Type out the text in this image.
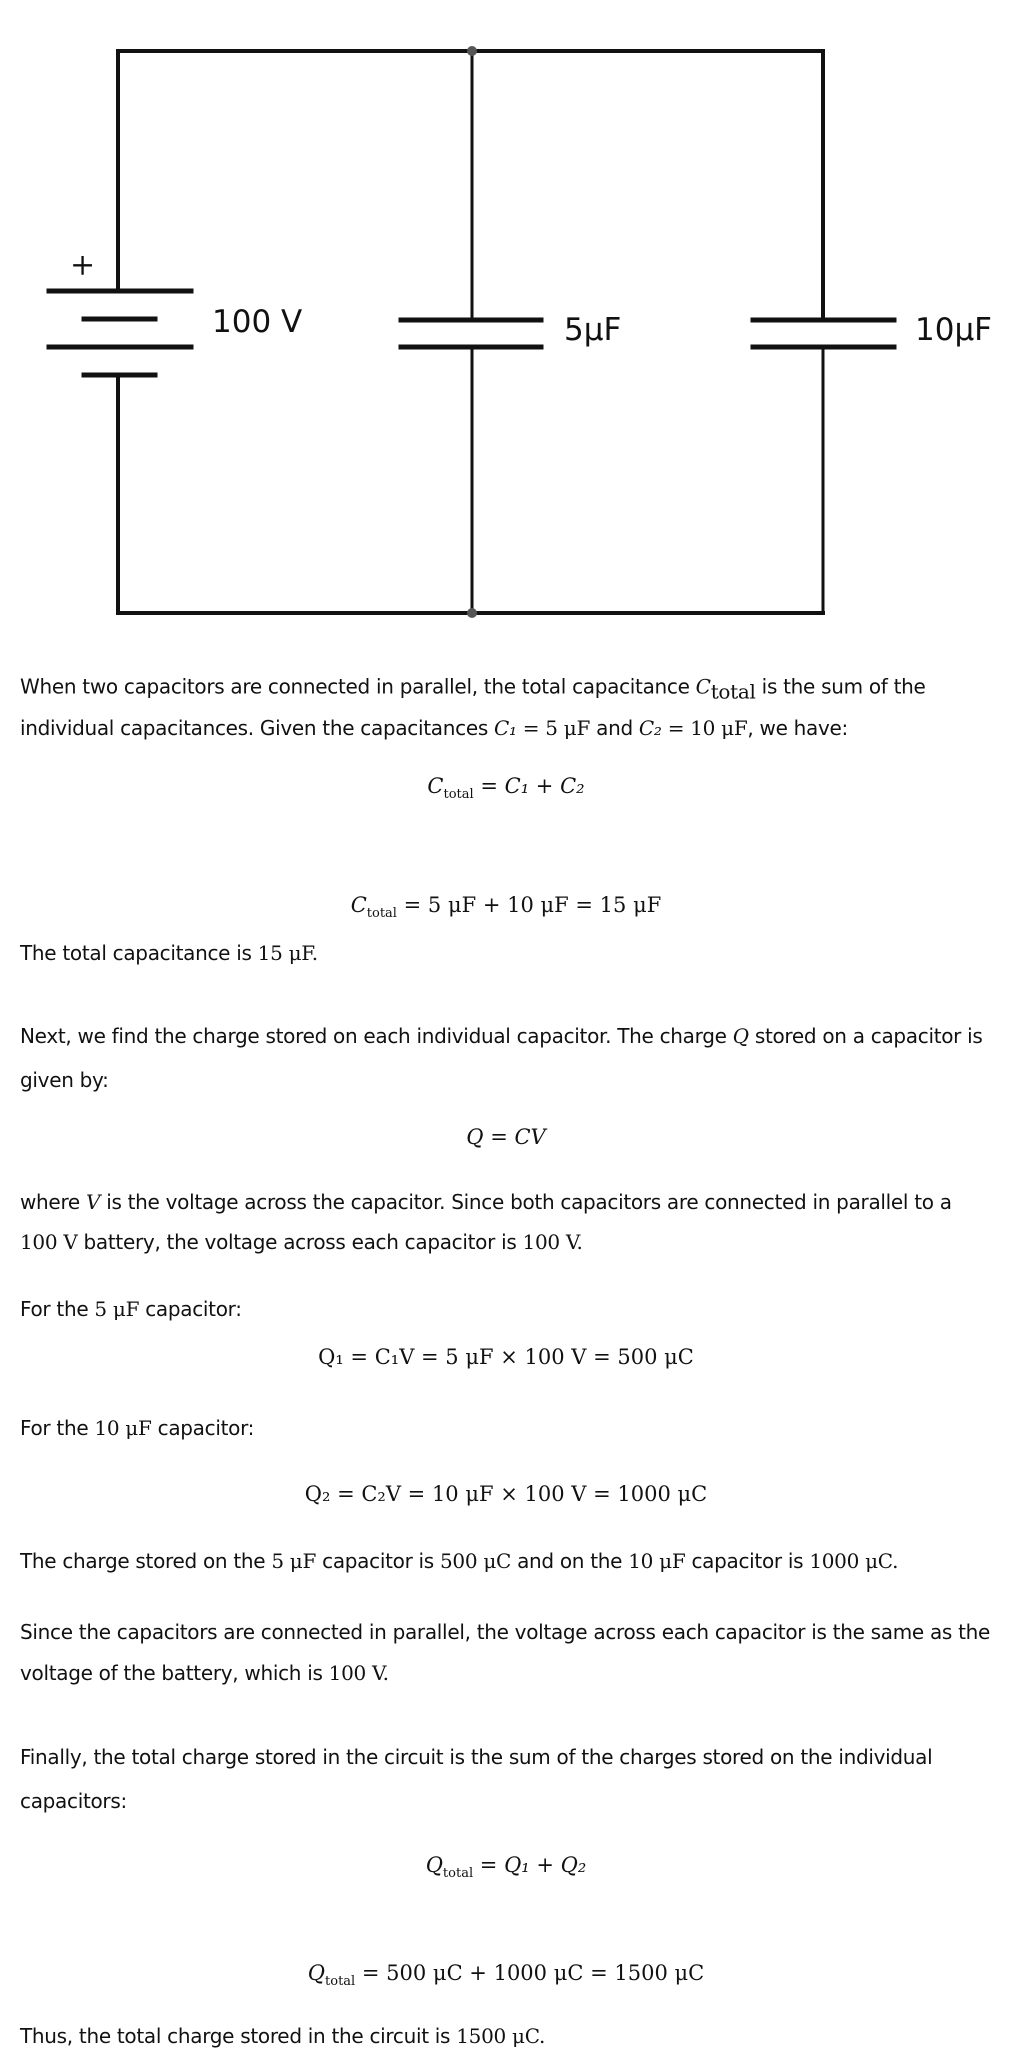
+
100 V	5μF	10μF
When two capacitors are connected in parallel, the total capacitance $C_{total}$ is the sum of the
individual capacitances. Given the capacitances C₁ = 5 μF and C₂ = 10 μF, we have:
$C_{total} = C_1 + C_2$
$C_{total} = 5$ μF + 10 μF = 15 μF
The total capacitance is 15 μF.
Next, we find the charge stored on each individual capacitor. The charge Q stored on a capacitor is
given by:
Q = CV
where V is the voltage across the capacitor. Since both capacitors are connected in parallel to a
100 V battery, the voltage across each capacitor is 100 V.
For the 5 μF capacitor:
Q₁ = C₁V = 5 μF × 100 V = 500 μC
For the 10 μF capacitor:
Q₂ = C₂V = 10 μF × 100 V = 1000 μC
The charge stored on the 5 μF capacitor is 500 μC and on the 10 μF capacitor is 1000 μC.
Since the capacitors are connected in parallel, the voltage across each capacitor is the same as the
voltage of the battery, which is 100 V.
Finally, the total charge stored in the circuit is the sum of the charges stored on the individual
capacitors:
$Q_{total} = Q_1 + Q_2$
$Q_{total} = 500$ μC + 1000 μC = 1500 μC
Thus, the total charge stored in the circuit is 1500 μC.
